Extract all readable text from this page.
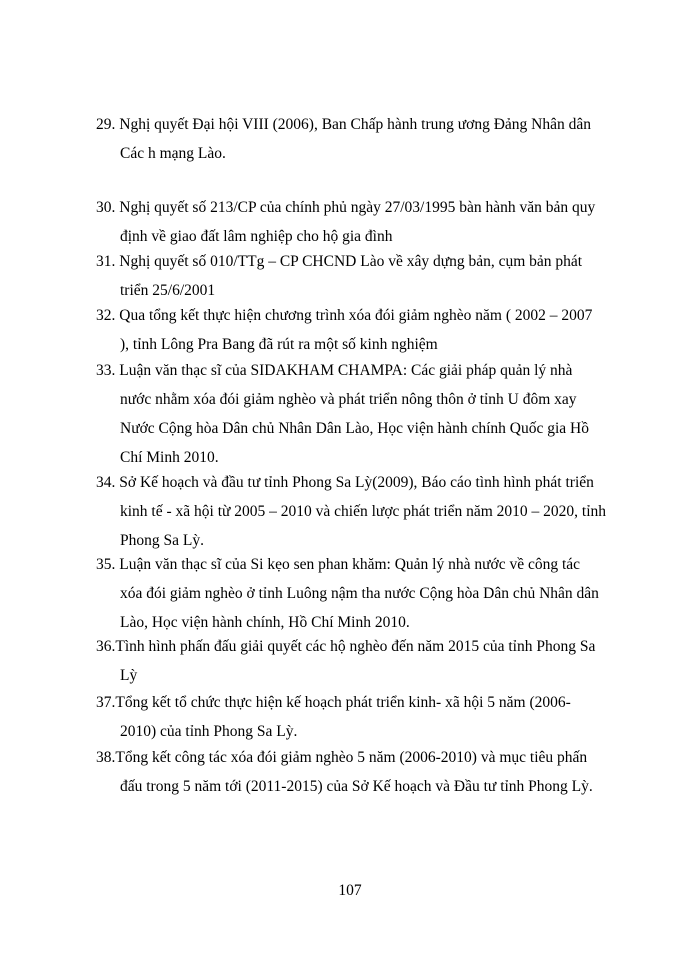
29. Nghị quyết Đại hội VIII (2006), Ban Chấp hành trung ương Đảng Nhân dân
Các h mạng Lào.
30. Nghị quyết số 213/CP của chính phủ ngày 27/03/1995 bàn hành văn bản quy
định về giao đất lâm nghiệp cho hộ gia đình
31. Nghị quyết số 010/TTg – CP CHCND Lào về xây dựng bản, cụm bản phát
triển 25/6/2001
32. Qua tổng kết thực hiện chương trình xóa đói giảm nghèo năm ( 2002 – 2007
), tỉnh Lông Pra Bang đã rút ra một số kinh nghiệm
33. Luận văn thạc sĩ của SIDAKHAM CHAMPA: Các giải pháp quản lý nhà
nước nhằm xóa đói giảm nghèo và phát triển nông thôn ở tỉnh U đôm xay
Nước Cộng hòa Dân chủ Nhân Dân Lào, Học viện hành chính Quốc gia Hồ
Chí Minh 2010.
34. Sở Kế hoạch và đầu tư tỉnh Phong Sa Lỳ(2009), Báo cáo tình hình phát triển
kinh tế - xã hội từ 2005 – 2010 và chiến lược phát triển năm 2010 – 2020, tỉnh
Phong Sa Lỳ.
35. Luận văn thạc sĩ của Si kẹo sen phan khăm: Quản lý nhà nước về công tác
xóa đói giảm nghèo ở tỉnh Luông nậm tha nước Cộng hòa Dân chủ Nhân dân
Lào, Học viện hành chính, Hồ Chí Minh 2010.
36.Tình hình phấn đấu giải quyết các hộ nghèo đến năm 2015 của tỉnh Phong Sa
Lỳ
37.Tổng kết tổ chức thực hiện kế hoạch phát triển kinh- xã hội 5 năm (2006-
2010) của tỉnh Phong Sa Lỳ.
38.Tổng kết công tác xóa đói giảm nghèo 5 năm (2006-2010) và mục tiêu phấn
đấu trong 5 năm tới (2011-2015) của Sở Kế hoạch và Đầu tư tỉnh Phong Lỳ.
107
